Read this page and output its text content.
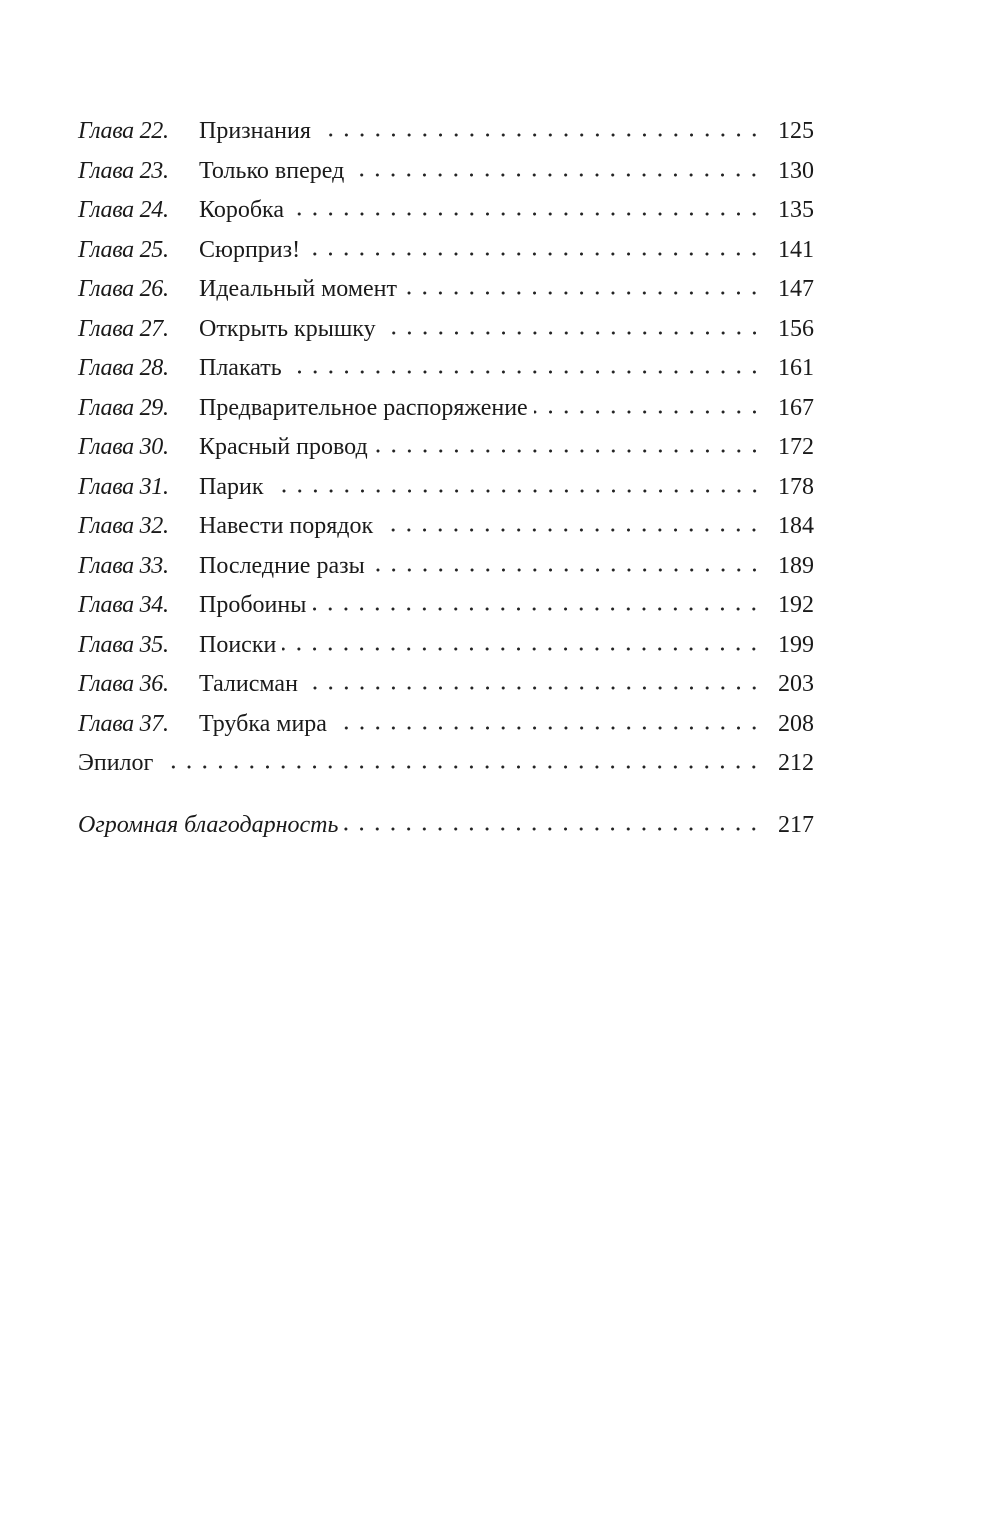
Глава 22.	Признания	125
Глава 23.	Только вперед	130
Глава 24.	Коробка	135
Глава 25.	Сюрприз!	141
Глава 26.	Идеальный момент	147
Глава 27.	Открыть крышку	156
Глава 28.	Плакать	161
Глава 29.	Предварительное распоряжение	167
Глава 30.	Красный провод	172
Глава 31.	Парик	178
Глава 32.	Навести порядок	184
Глава 33.	Последние разы	189
Глава 34.	Пробоины	192
Глава 35.	Поиски	199
Глава 36.	Талисман	203
Глава 37.	Трубка мира	208
Эпилог	212
Огромная благодарность	217
